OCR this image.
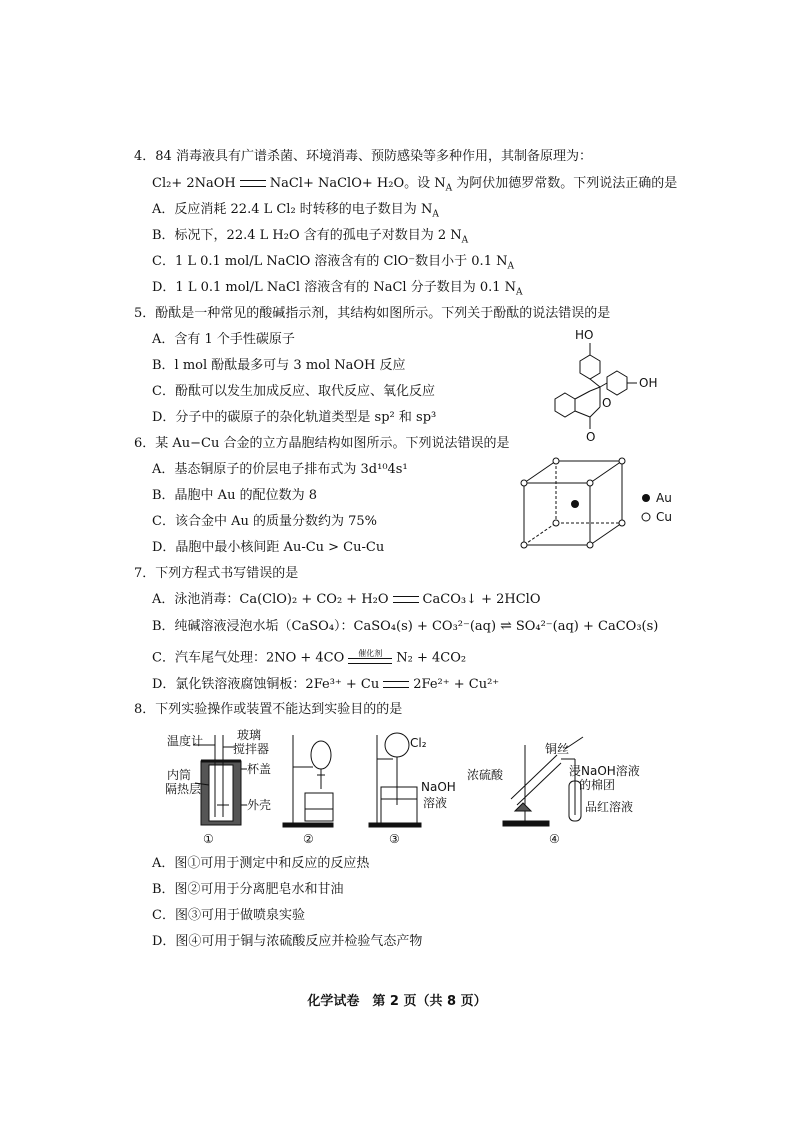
4．84 消毒液具有广谱杀菌、环境消毒、预防感染等多种作用，其制备原理为：
Cl₂+ 2NaOH	NaCl+ NaClO+ H₂O。设 $N_A$ 为阿伏加德罗常数。下列说法正确的是
A．反应消耗 22.4 L Cl₂ 时转移的电子数目为 $N_A$
B．标况下，22.4 L H₂O 含有的孤电子对数目为 2 $N_A$
C．1 L 0.1 mol/L NaClO 溶液含有的 ClO⁻数目小于 0.1 $N_A$
D．1 L 0.1 mol/L NaCl 溶液含有的 NaCl 分子数目为 0.1 $N_A$
5．酚酞是一种常见的酸碱指示剂，其结构如图所示。下列关于酚酞的说法错误的是
A．含有 1 个手性碳原子
B．l mol 酚酞最多可与 3 mol NaOH 反应
C．酚酞可以发生加成反应、取代反应、氧化反应
D．分子中的碳原子的杂化轨道类型是 sp² 和 sp³
HO
OH
O
O
6．某 Au−Cu 合金的立方晶胞结构如图所示。下列说法错误的是
A．基态铜原子的价层电子排布式为 3d¹⁰4s¹
B．晶胞中 Au 的配位数为 8
C．该合金中 Au 的质量分数约为 75%
D．晶胞中最小核间距 Au-Cu > Cu-Cu
Au
Cu
7．下列方程式书写错误的是
A．泳池消毒：Ca(ClO)₂ + CO₂ + H₂O	CaCO₃↓ + 2HClO
B．纯碱溶液浸泡水垢（CaSO₄）：CaSO₄(s) + CO₃²⁻(aq) ⇌ SO₄²⁻(aq) + CaCO₃(s)
C．汽车尾气处理：2NO + 4CO	催化剂	N₂ + 4CO₂
D．氯化铁溶液腐蚀铜板：2Fe³⁺ + Cu	2Fe²⁺ + Cu²⁺
8．下列实验操作或装置不能达到实验目的的是
温度计	玻璃
搅拌器
内筒
隔热层
杯盖
外壳
①	②
Cl₂
NaOH
溶液
③
浓硫酸
铜丝
浸NaOH溶液
的棉团
品红溶液
④
A．图①可用于测定中和反应的反应热
B．图②可用于分离肥皂水和甘油
C．图③可用于做喷泉实验
D．图④可用于铜与浓硫酸反应并检验气态产物
化学试卷　第 2 页（共 8 页）
